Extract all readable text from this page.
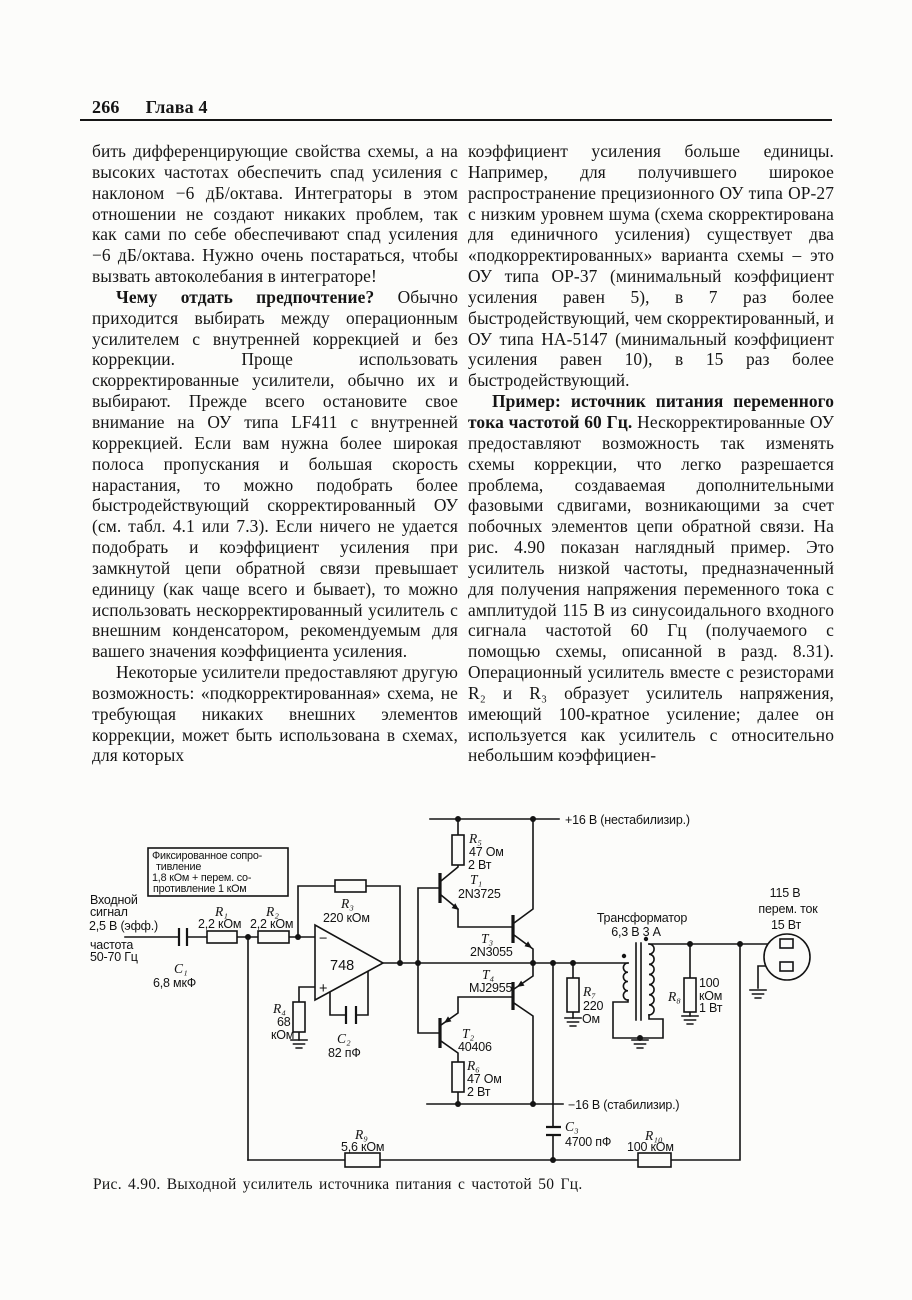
266 Глава 4

бить дифференцирующие свойства схемы, а на высоких частотах обеспечить спад усиления с наклоном −6 дБ/октава. Интеграторы в этом отношении не создают никаких проблем, так как сами по себе обеспечивают спад усиления −6 дБ/октава. Нужно очень постараться, чтобы вызвать автоколебания в интеграторе!

Чему отдать предпочтение? Обычно приходится выбирать между операционным усилителем с внутренней коррекцией и без коррекции. Проще использовать скорректированные усилители, обычно их и выбирают. Прежде всего остановите свое внимание на ОУ типа LF411 с внутренней коррекцией. Если вам нужна более широкая полоса пропускания и большая скорость нарастания, то можно подобрать более быстродействующий скорректированный ОУ (см. табл. 4.1 или 7.3). Если ничего не удается подобрать и коэффициент усиления при замкнутой цепи обратной связи превышает единицу (как чаще всего и бывает), то можно использовать нескорректированный усилитель с внешним конденсатором, рекомендуемым для вашего значения коэффициента усиления.

Некоторые усилители предоставляют другую возможность: «подкорректированная» схема, не требующая никаких внешних элементов коррекции, может быть использована в схемах, для которых

коэффициент усиления больше единицы. Например, для получившего широкое распространение прецизионного ОУ типа ОР-27 с низким уровнем шума (схема скорректирована для единичного усиления) существует два «подкорректированных» варианта схемы – это ОУ типа ОР-37 (минимальный коэффициент усиления равен 5), в 7 раз более быстродействующий, чем скорректированный, и ОУ типа НА-5147 (минимальный коэффициент усиления равен 10), в 15 раз более быстродействующий.

Пример: источник питания переменного тока частотой 60 Гц. Нескорректированные ОУ предоставляют возможность так изменять схемы коррекции, что легко разрешается проблема, создаваемая дополнительными фазовыми сдвигами, возникающими за счет побочных элементов цепи обратной связи. На рис. 4.90 показан наглядный пример. Это усилитель низкой частоты, предназначенный для получения напряжения переменного тока с амплитудой 115 В из синусоидального входного сигнала частотой 60 Гц (получаемого с помощью схемы, описанной в разд. 8.31). Операционный усилитель вместе с резисторами R₂ и R₃ образует усилитель напряжения, имеющий 100-кратное усиление; далее он используется как усилитель с относительно небольшим коэффициен-

Фиксированное сопро-
тивление
1,8 кОм + перем. со-
противление 1 кОм
Входной
сигнал
2,5 В (эфф.)
частота
50-70 Гц
C₁
6,8 мкФ
R₁
2,2 кОм
R₂
2,2 кОм
R₃
220 кОм
−
+
748
R₄
68
кОм	C₂
82 пФ
T₁
2N3725
R₅
47 Ом
2 Вт
T₃
2N3055
T₄
MJ2955
T₂
40406
R₆
47 Ом
2 Вт
+16 В (нестабилизир.)
−16 В (стабилизир.)
C₃
4700 пФ
R₇
220
Ом
Трансформатор
6,3 В 3 А
R₈
100
кОм
1 Вт
R₉
5,6 кОм
R₁₀
100 кОм
115 В
перем. ток
15 Вт
Рис. 4.90. Выходной усилитель источника питания с частотой 50 Гц.
